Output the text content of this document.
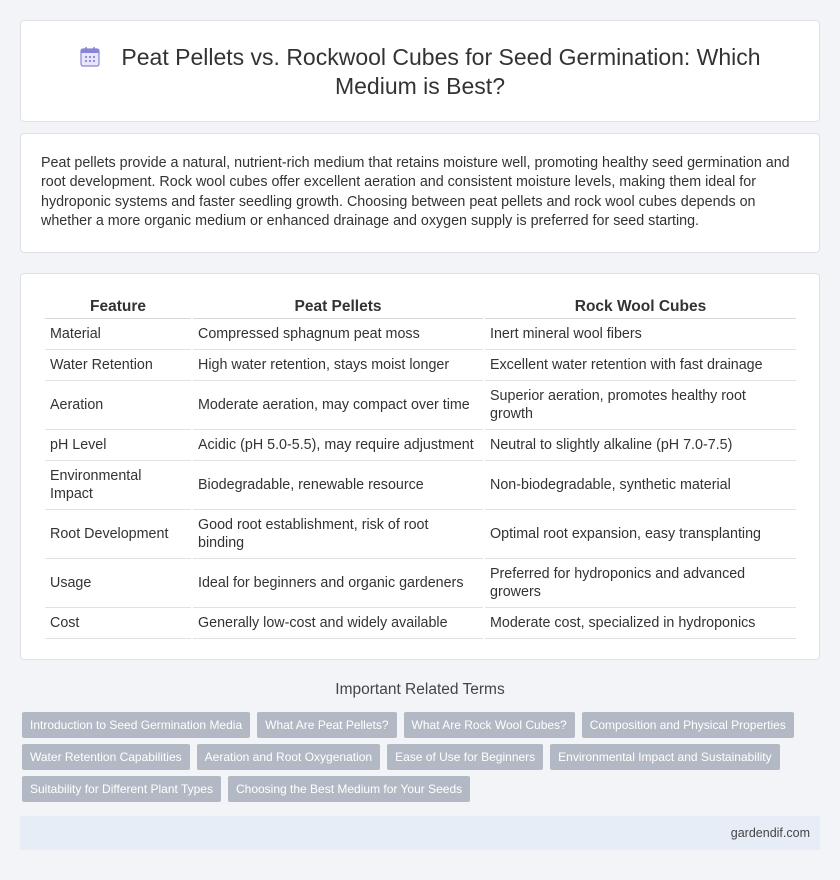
Peat Pellets vs. Rockwool Cubes for Seed Germination: Which Medium is Best?

Peat pellets provide a natural, nutrient-rich medium that retains moisture well, promoting healthy seed germination and root development. Rock wool cubes offer excellent aeration and consistent moisture levels, making them ideal for hydroponic systems and faster seedling growth. Choosing between peat pellets and rock wool cubes depends on whether a more organic medium or enhanced drainage and oxygen supply is preferred for seed starting.

Feature	Peat Pellets	Rock Wool Cubes
Material	Compressed sphagnum peat moss	Inert mineral wool fibers
Water Retention	High water retention, stays moist longer	Excellent water retention with fast drainage
Aeration	Moderate aeration, may compact over time	Superior aeration, promotes healthy root growth
pH Level	Acidic (pH 5.0-5.5), may require adjustment	Neutral to slightly alkaline (pH 7.0-7.5)
Environmental Impact	Biodegradable, renewable resource	Non-biodegradable, synthetic material
Root Development	Good root establishment, risk of root binding	Optimal root expansion, easy transplanting
Usage	Ideal for beginners and organic gardeners	Preferred for hydroponics and advanced growers
Cost	Generally low-cost and widely available	Moderate cost, specialized in hydroponics
Important Related Terms
Introduction to Seed Germination Media	What Are Peat Pellets?	What Are Rock Wool Cubes?	Composition and Physical Properties
Water Retention Capabilities	Aeration and Root Oxygenation	Ease of Use for Beginners	Environmental Impact and Sustainability
Suitability for Different Plant Types	Choosing the Best Medium for Your Seeds
gardendif.com
